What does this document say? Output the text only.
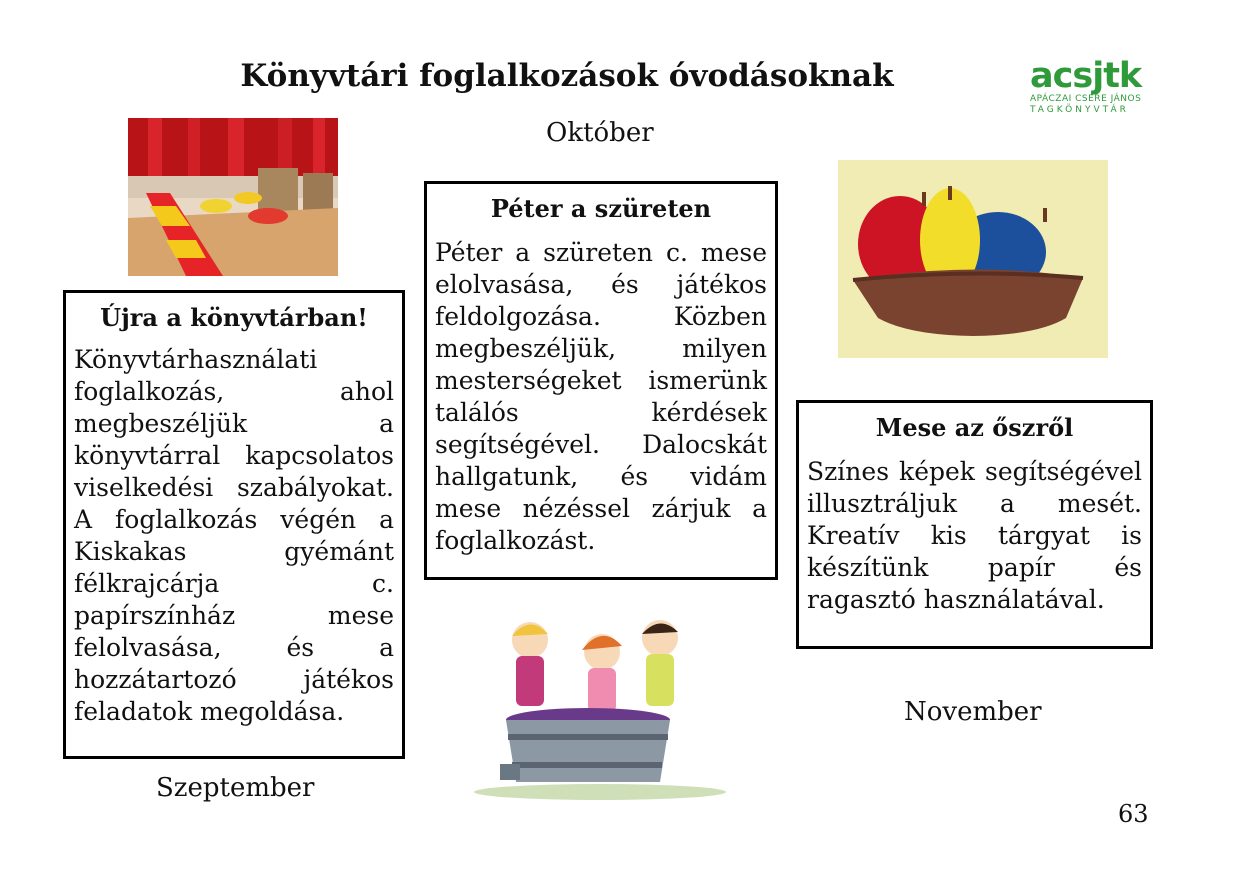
Könyvtári foglalkozások óvodásoknak	acsjtk
APÁCZAI CSERE JÁNOS
TAGKÖNYVTÁR
Október
Szeptember
November
Péter a szüreten

Péter a szüreten c. mese elolvasása, és játékos feldolgozása. Közben megbeszéljük, milyen mesterségeket ismerünk találós kérdések segítségével. Dalocskát hallgatunk, és vidám mese nézéssel zárjuk a foglalkozást.

Újra a könyvtárban!

Könyvtárhasználati foglalkozás, ahol megbeszéljük a könyvtárral kapcsolatos viselkedési szabályokat. A foglalkozás végén a Kiskakas gyémánt félkrajcárja c. papírszínház mese felolvasása, és a hozzátartozó játékos feladatok megoldása.

Mese az őszről

Színes képek segítségével illusztráljuk a mesét. Kreatív kis tárgyat is készítünk papír és ragasztó használatával.

63
